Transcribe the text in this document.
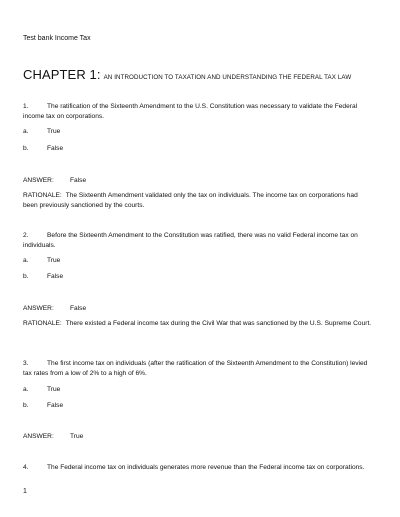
Test bank Income Tax
CHAPTER 1: AN INTRODUCTION TO TAXATION AND UNDERSTANDING THE FEDERAL TAX LAW
1.	The ratification of the Sixteenth Amendment to the U.S. Constitution was necessary to validate the Federal income tax on corporations.
a.	True
b.	False
ANSWER: False
RATIONALE: The Sixteenth Amendment validated only the tax on individuals. The income tax on corporations had been previously sanctioned by the courts.
2.	Before the Sixteenth Amendment to the Constitution was ratified, there was no valid Federal income tax on individuals.
a.	True
b.	False
ANSWER: False
RATIONALE: There existed a Federal income tax during the Civil War that was sanctioned by the U.S. Supreme Court.
3.	The first income tax on individuals (after the ratification of the Sixteenth Amendment to the Constitution) levied tax rates from a low of 2% to a high of 6%.
a.	True
b.	False
ANSWER: True
4.	The Federal income tax on individuals generates more revenue than the Federal income tax on corporations.
1
